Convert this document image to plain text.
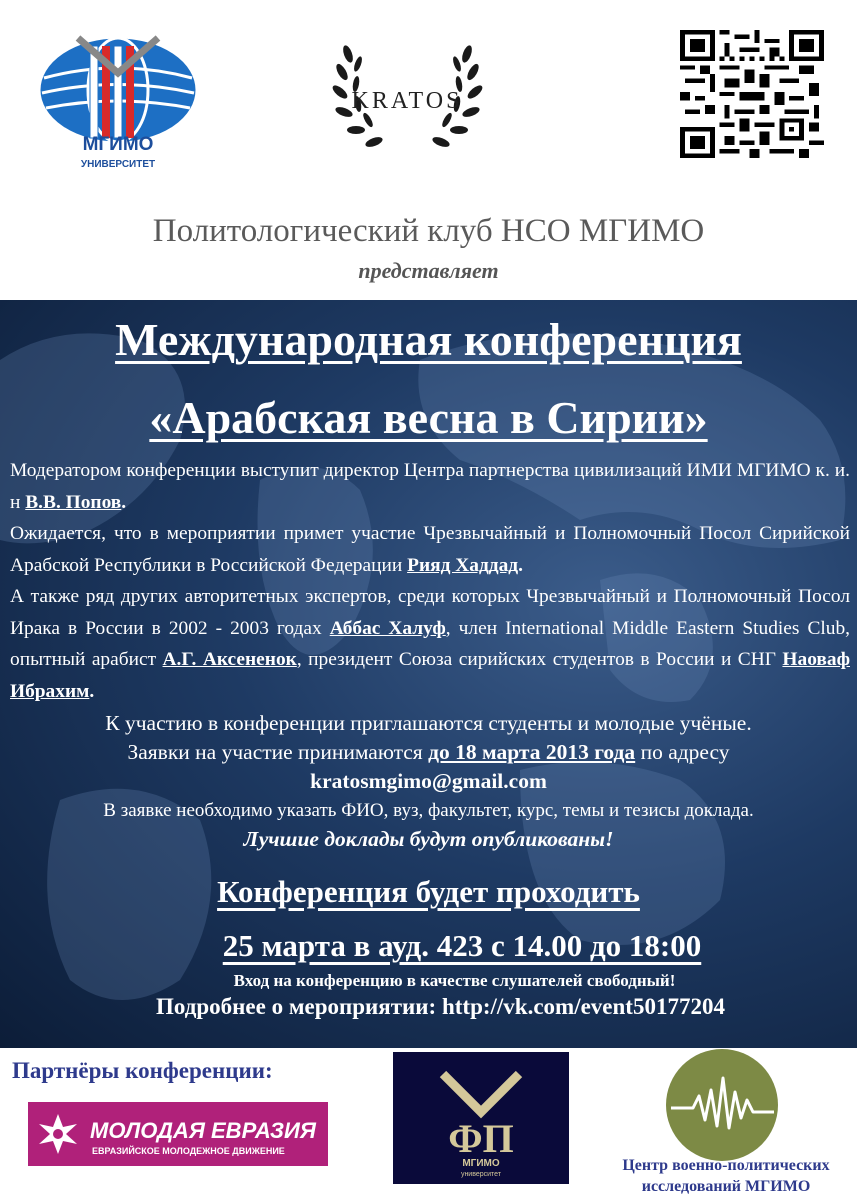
МГИМО
УНИВЕРСИТЕТ
KRATOS
Политологический клуб НСО МГИМО
представляет
Международная конференция
«Арабская весна в Сирии»
Модератором конференции выступит директор Центра партнерства цивилизаций ИМИ МГИМО к. и. н В.В. Попов.
Ожидается, что в мероприятии примет участие Чрезвычайный и Полномочный Посол Сирийской Арабской Республики в Российской Федерации Рияд Хаддад.
А также ряд других авторитетных экспертов, среди которых Чрезвычайный и Полномочный Посол Ирака в России в 2002 - 2003 годах Аббас Халуф, член International Middle Eastern Studies Club, опытный арабист А.Г. Аксененок, президент Союза сирийских студентов в России и СНГ Наоваф Ибрахим.
К участию в конференции приглашаются студенты и молодые учёные.
Заявки на участие принимаются до 18 марта 2013 года по адресу
kratosmgimo@gmail.com
В заявке необходимо указать ФИО, вуз, факультет, курс, темы и тезисы доклада.
Лучшие доклады будут опубликованы!
Конференция будет проходить
25 марта в ауд. 423 с 14.00 до 18:00
Вход на конференцию в качестве слушателей свободный!
Подробнее о мероприятии: http://vk.com/event50177204
Партнёры конференции:
МОЛОДАЯ ЕВРАЗИЯ
ЕВРАЗИЙСКОЕ МОЛОДЕЖНОЕ ДВИЖЕНИЕ	ФП
МГИМО
университет
Центр военно-политических
исследований МГИМО
